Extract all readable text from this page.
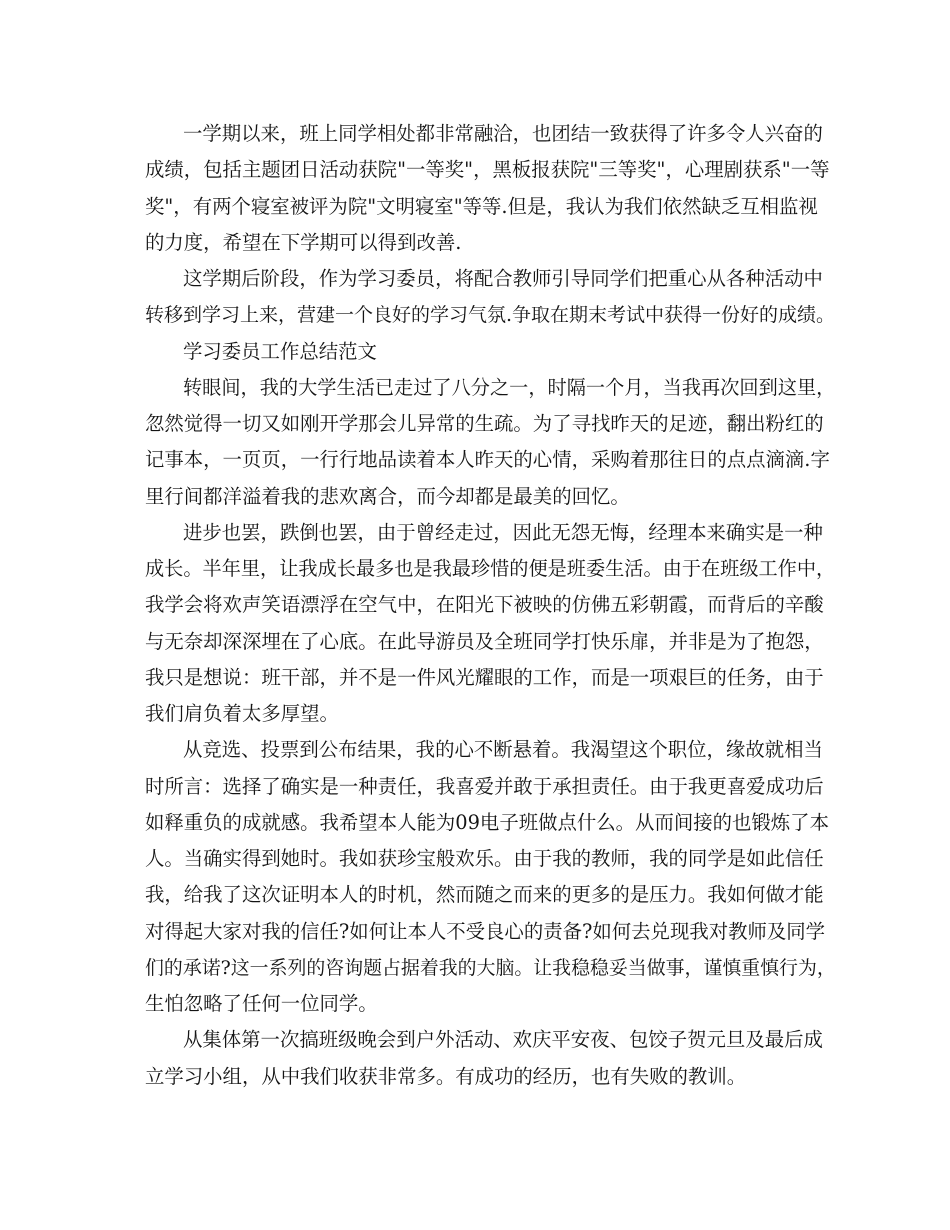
一学期以来，班上同学相处都非常融洽，也团结一致获得了许多令人兴奋的
成绩，包括主题团日活动获院"一等奖"，黑板报获院"三等奖"，心理剧获系"一等
奖"，有两个寝室被评为院"文明寝室"等等.但是，我认为我们依然缺乏互相监视
的力度，希望在下学期可以得到改善.
这学期后阶段，作为学习委员，将配合教师引导同学们把重心从各种活动中
转移到学习上来，营建一个良好的学习气氛.争取在期末考试中获得一份好的成绩。
学习委员工作总结范文
转眼间，我的大学生活已走过了八分之一，时隔一个月，当我再次回到这里，
忽然觉得一切又如刚开学那会儿异常的生疏。为了寻找昨天的足迹，翻出粉红的
记事本，一页页，一行行地品读着本人昨天的心情，采购着那往日的点点滴滴.字
里行间都洋溢着我的悲欢离合，而今却都是最美的回忆。
进步也罢，跌倒也罢，由于曾经走过，因此无怨无悔，经理本来确实是一种
成长。半年里，让我成长最多也是我最珍惜的便是班委生活。由于在班级工作中，
我学会将欢声笑语漂浮在空气中，在阳光下被映的仿佛五彩朝霞，而背后的辛酸
与无奈却深深埋在了心底。在此导游员及全班同学打快乐扉，并非是为了抱怨，
我只是想说：班干部，并不是一件风光耀眼的工作，而是一项艰巨的任务，由于
我们肩负着太多厚望。
从竞选、投票到公布结果，我的心不断悬着。我渴望这个职位，缘故就相当
时所言：选择了确实是一种责任，我喜爱并敢于承担责任。由于我更喜爱成功后
如释重负的成就感。我希望本人能为09电子班做点什么。从而间接的也锻炼了本
人。当确实得到她时。我如获珍宝般欢乐。由于我的教师，我的同学是如此信任
我，给我了这次证明本人的时机，然而随之而来的更多的是压力。我如何做才能
对得起大家对我的信任?如何让本人不受良心的责备?如何去兑现我对教师及同学
们的承诺?这一系列的咨询题占据着我的大脑。让我稳稳妥当做事，谨慎重慎行为，
生怕忽略了任何一位同学。
从集体第一次搞班级晚会到户外活动、欢庆平安夜、包饺子贺元旦及最后成
立学习小组，从中我们收获非常多。有成功的经历，也有失败的教训。
